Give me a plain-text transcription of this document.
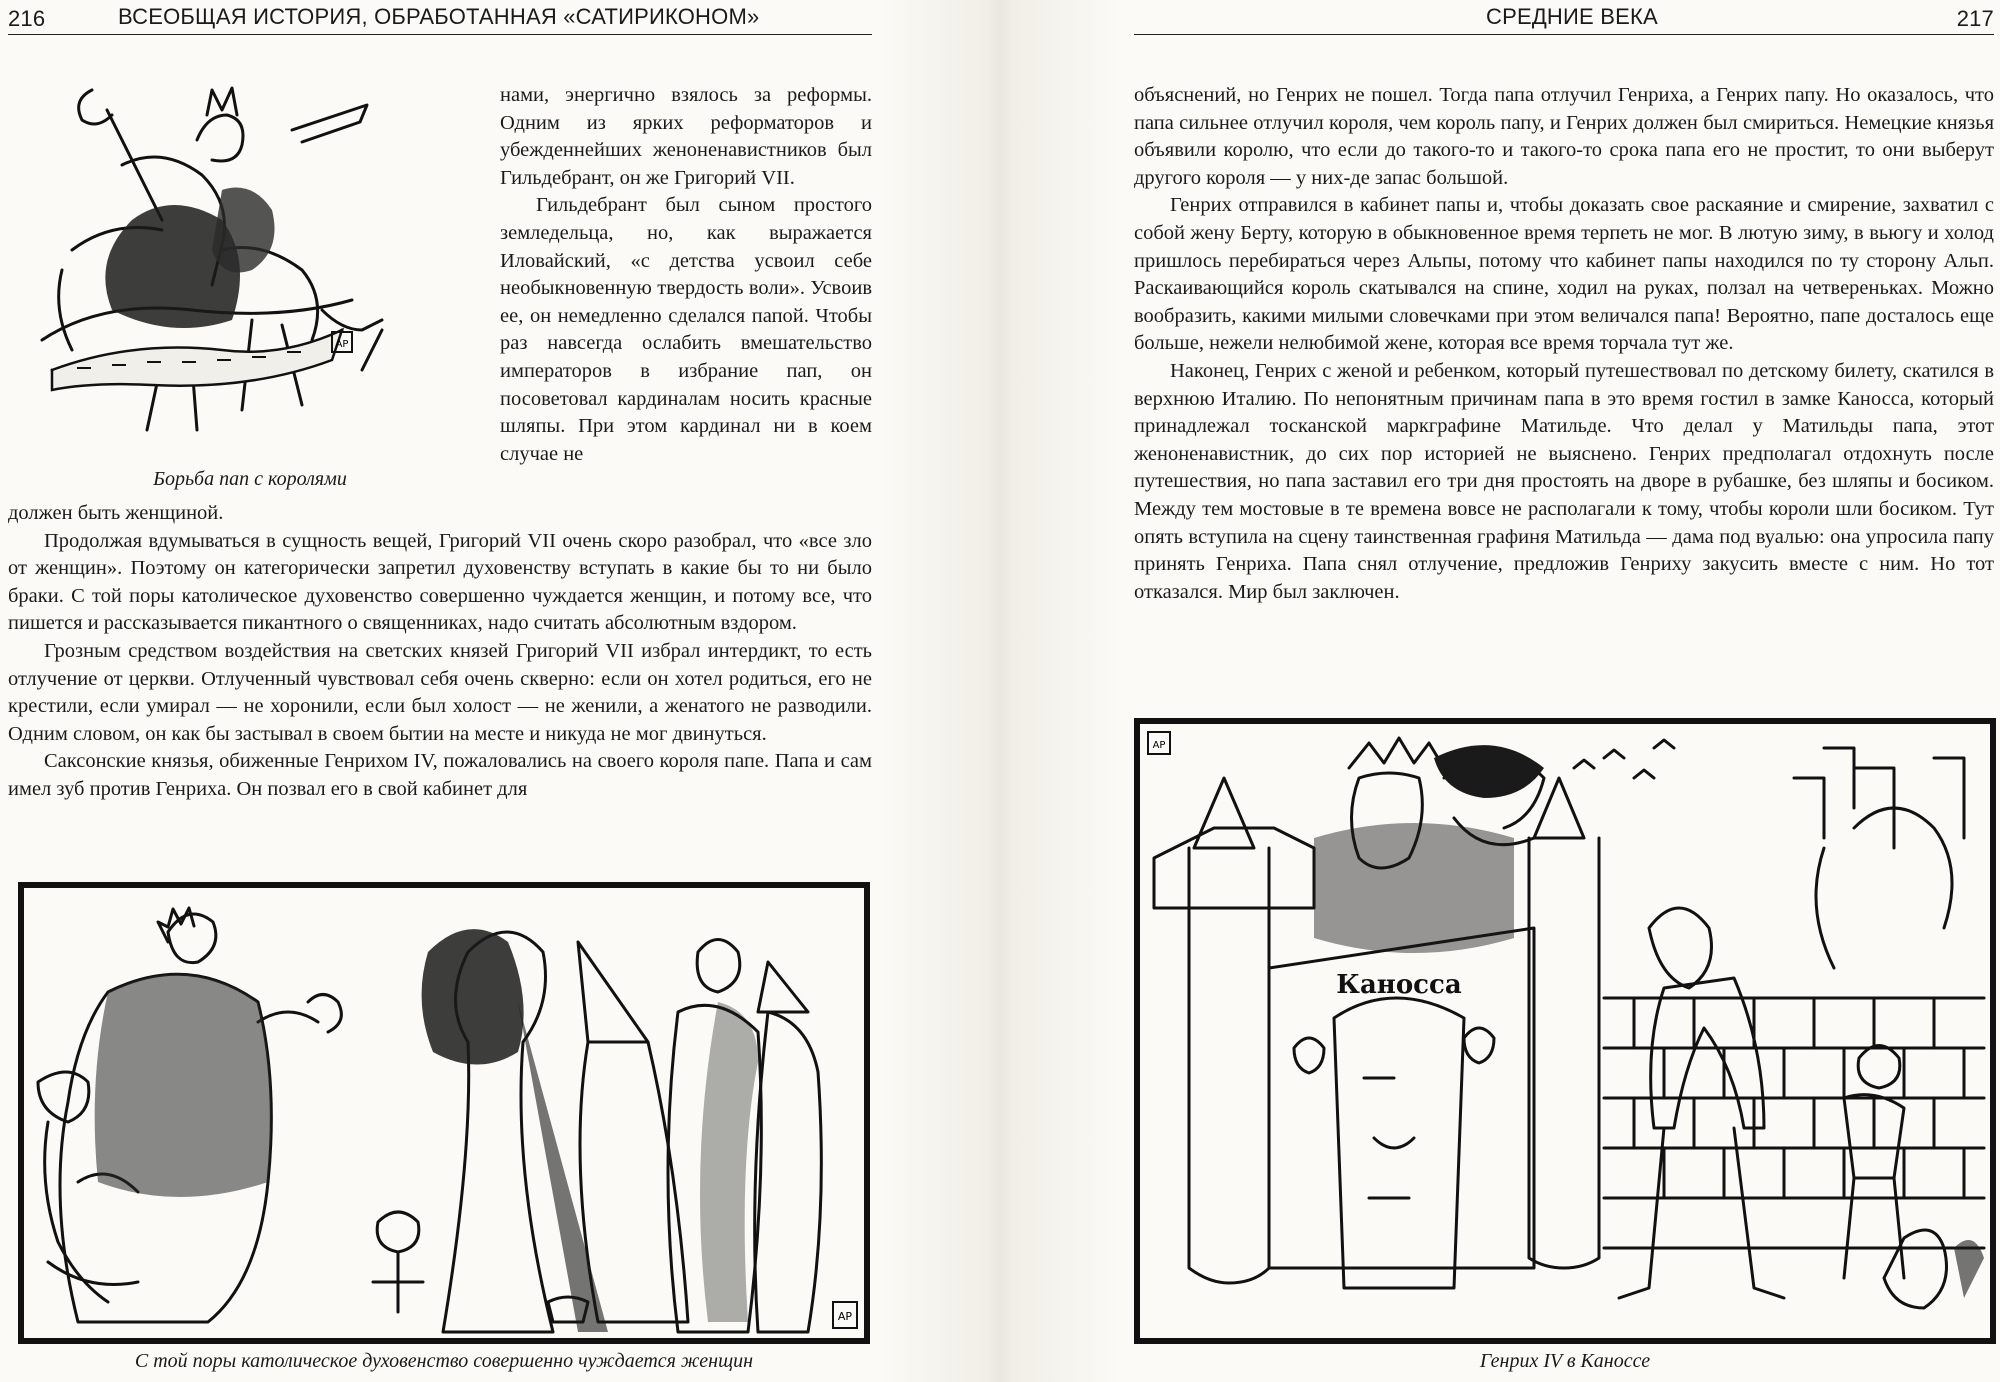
216	ВСЕОБЩАЯ ИСТОРИЯ, ОБРАБОТАННАЯ «САТИРИКОНОМ»
АР
Борьба пап с королями

нами, энергично взялось за реформы. Одним из ярких реформаторов и убежденнейших женоненавистников был Гильдебрант, он же Григорий VII.

Гильдебрант был сыном простого земледельца, но, как выражается Иловайский, «с детства усвоил себе необыкновенную твердость воли». Усвоив ее, он немедленно сделался папой. Чтобы раз навсегда ослабить вмешательство императоров в избрание пап, он посоветовал кардиналам носить красные шляпы. При этом кардинал ни в коем случае не

должен быть женщиной.

Продолжая вдумываться в сущность вещей, Григорий VII очень скоро разобрал, что «все зло от женщин». Поэтому он категорически запретил духовенству вступать в какие бы то ни было браки. С той поры католическое духовенство совершенно чуждается женщин, и потому все, что пишется и рассказывается пикантного о священниках, надо считать абсолютным вздором.

Грозным средством воздействия на светских князей Григорий VII избрал интердикт, то есть отлучение от церкви. Отлученный чувствовал себя очень скверно: если он хотел родиться, его не крестили, если умирал — не хоронили, если был холост — не женили, а женатого не разводили. Одним словом, он как бы застывал в своем бытии на месте и никуда не мог двинуться.

Саксонские князья, обиженные Генрихом IV, пожаловались на своего короля папе. Папа и сам имел зуб против Генриха. Он позвал его в свой кабинет для

АР
С той поры католическое духовенство совершенно чуждается женщин
СРЕДНИЕ ВЕКА	217

объяснений, но Генрих не пошел. Тогда папа отлучил Генриха, а Генрих папу. Но оказалось, что папа сильнее отлучил короля, чем король папу, и Генрих должен был смириться. Немецкие князья объявили королю, что если до такого-то и такого-то срока папа его не простит, то они выберут другого короля — у них-де запас большой.

Генрих отправился в кабинет папы и, чтобы доказать свое раскаяние и смирение, захватил с собой жену Берту, которую в обыкновенное время терпеть не мог. В лютую зиму, в вьюгу и холод пришлось перебираться через Альпы, потому что кабинет папы находился по ту сторону Альп. Раскаивающийся король скатывался на спине, ходил на руках, ползал на четвереньках. Можно вообразить, какими милыми словечками при этом величался папа! Вероятно, папе досталось еще больше, нежели нелюбимой жене, которая все время торчала тут же.

Наконец, Генрих с женой и ребенком, который путешествовал по детскому билету, скатился в верхнюю Италию. По непонятным причинам папа в это время гостил в замке Каносса, который принадлежал тосканской маркграфине Матильде. Что делал у Матильды папа, этот женоненавистник, до сих пор историей не выяснено. Генрих предполагал отдохнуть после путешествия, но папа заставил его три дня простоять на дворе в рубашке, без шляпы и босиком. Между тем мостовые в те времена вовсе не располагали к тому, чтобы короли шли босиком. Тут опять вступила на сцену таинственная графиня Матильда — дама под вуалью: она упросила папу принять Генриха. Папа снял отлучение, предложив Генриху закусить вместе с ним. Но тот отказался. Мир был заключен.

Каносса
АР
Генрих IV в Каноссе
